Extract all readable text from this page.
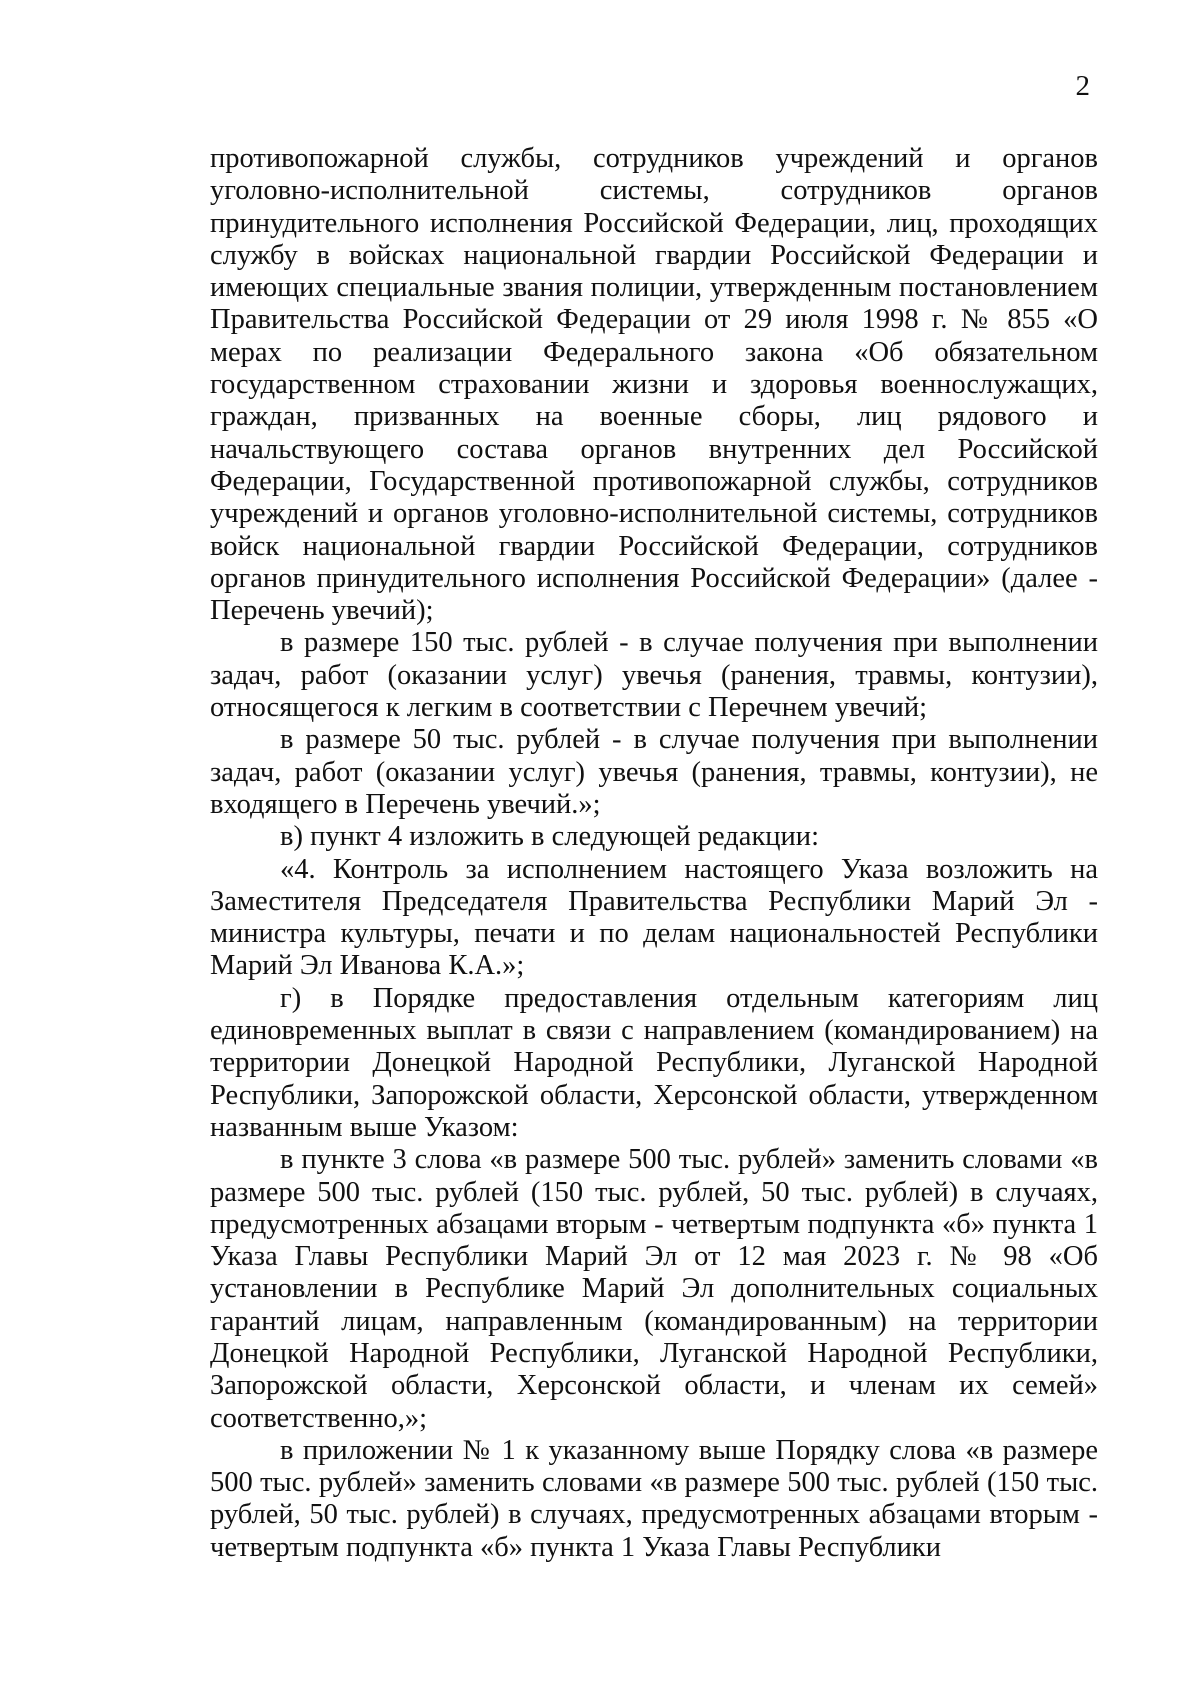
2

противопожарной службы, сотрудников учреждений и органов уголовно-исполнительной системы, сотрудников органов принудительного исполнения Российской Федерации, лиц, проходящих службу в войсках национальной гвардии Российской Федерации и имеющих специальные звания полиции, утвержденным постановлением Правительства Российской Федерации от 29 июля 1998 г. № 855 «О мерах по реализации Федерального закона «Об обязательном государственном страховании жизни и здоровья военнослужащих, граждан, призванных на военные сборы, лиц рядового и начальствующего состава органов внутренних дел Российской Федерации, Государственной противопожарной службы, сотрудников учреждений и органов уголовно-исполнительной системы, сотрудников войск национальной гвардии Российской Федерации, сотрудников органов принудительного исполнения Российской Федерации» (далее - Перечень увечий);

в размере 150 тыс. рублей - в случае получения при выполнении задач, работ (оказании услуг) увечья (ранения, травмы, контузии), относящегося к легким в соответствии с Перечнем увечий;

в размере 50 тыс. рублей - в случае получения при выполнении задач, работ (оказании услуг) увечья (ранения, травмы, контузии), не входящего в Перечень увечий.»;

в) пункт 4 изложить в следующей редакции:

«4. Контроль за исполнением настоящего Указа возложить на Заместителя Председателя Правительства Республики Марий Эл - министра культуры, печати и по делам национальностей Республики Марий Эл Иванова К.А.»;

г) в Порядке предоставления отдельным категориям лиц единовременных выплат в связи с направлением (командированием) на территории Донецкой Народной Республики, Луганской Народной Республики, Запорожской области, Херсонской области, утвержденном названным выше Указом:

в пункте 3 слова «в размере 500 тыс. рублей» заменить словами «в размере 500 тыс. рублей (150 тыс. рублей, 50 тыс. рублей) в случаях, предусмотренных абзацами вторым - четвертым подпункта «б» пункта 1 Указа Главы Республики Марий Эл от 12 мая 2023 г. № 98 «Об установлении в Республике Марий Эл дополнительных социальных гарантий лицам, направленным (командированным) на территории Донецкой Народной Республики, Луганской Народной Республики, Запорожской области, Херсонской области, и членам их семей» соответственно,»;

в приложении № 1 к указанному выше Порядку слова «в размере 500 тыс. рублей» заменить словами «в размере 500 тыс. рублей (150 тыс. рублей, 50 тыс. рублей) в случаях, предусмотренных абзацами вторым - четвертым подпункта «б» пункта 1 Указа Главы Республики
